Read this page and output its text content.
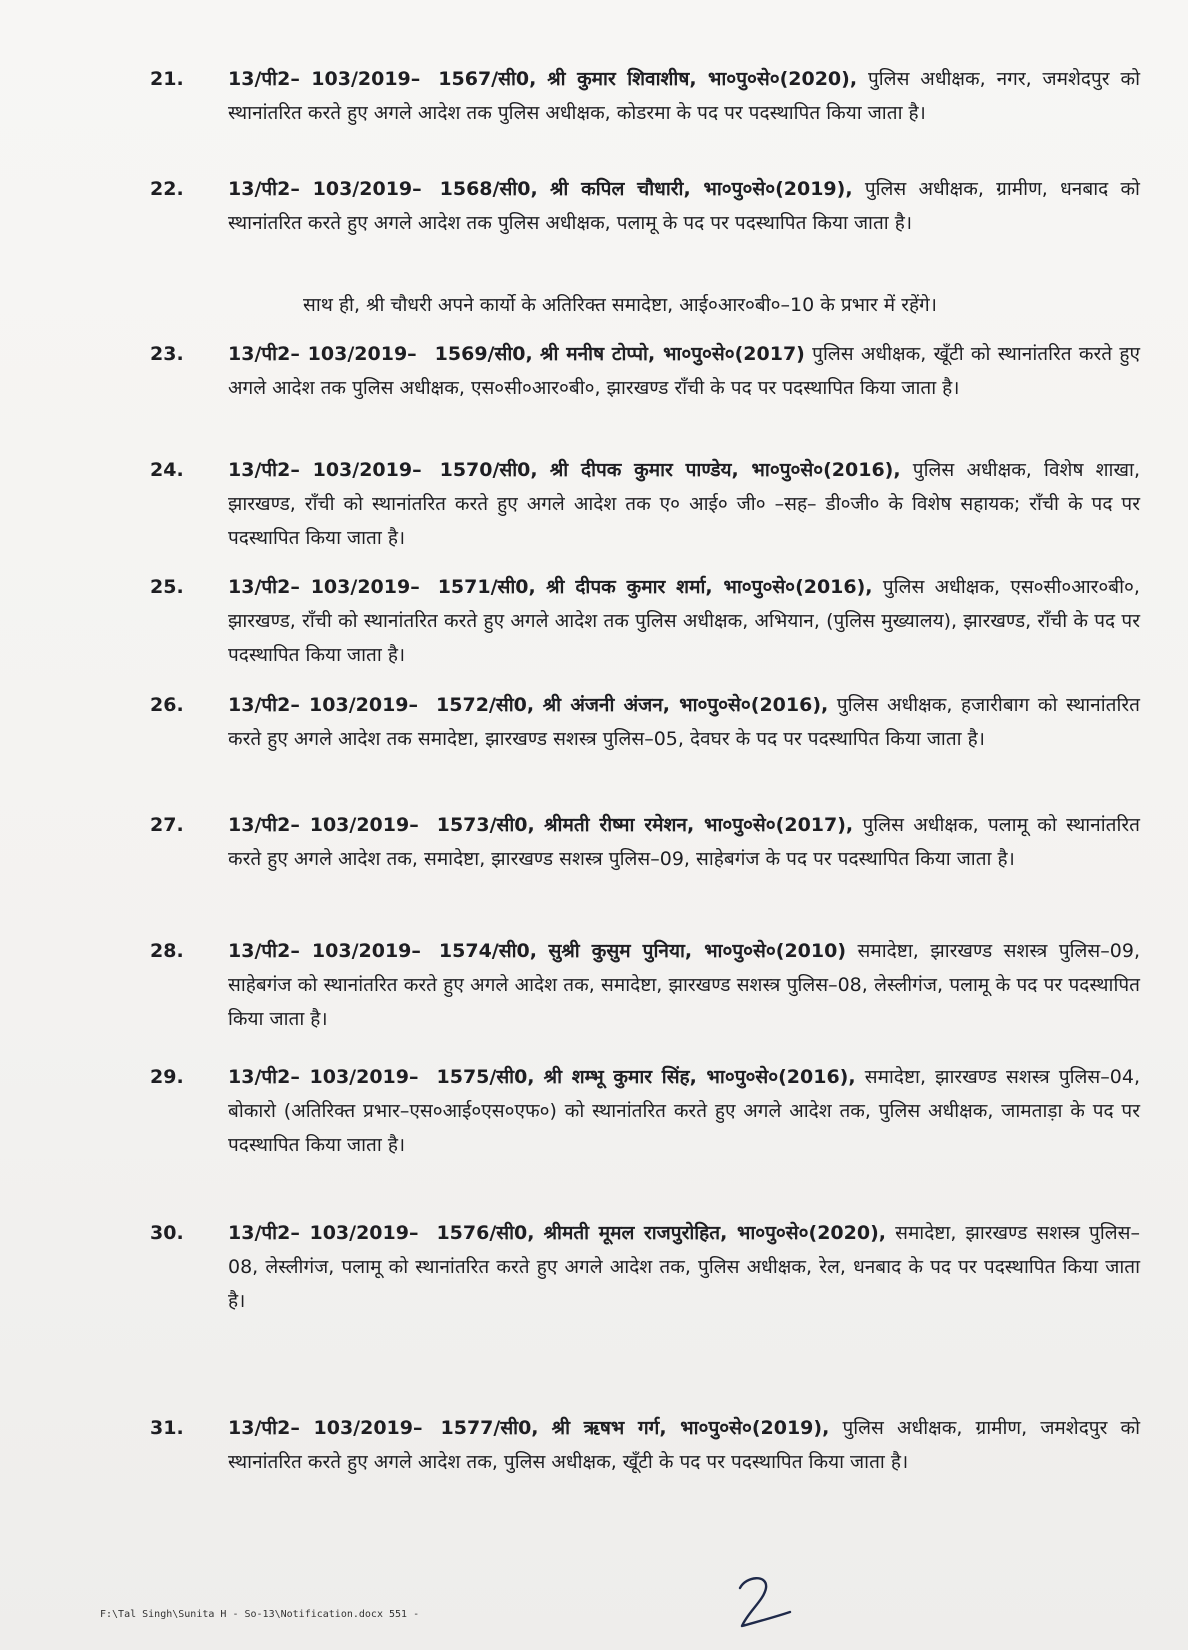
21.	13/पी2– 103/2019– 1567/सी0, श्री कुमार शिवाशीष, भा०पु०से०(2020), पुलिस अधीक्षक, नगर, जमशेदपुर को स्थानांतरित करते हुए अगले आदेश तक पुलिस अधीक्षक, कोडरमा के पद पर पदस्थापित किया जाता है।
22.	13/पी2– 103/2019– 1568/सी0, श्री कपिल चौधारी, भा०पु०से०(2019), पुलिस अधीक्षक, ग्रामीण, धनबाद को स्थानांतरित करते हुए अगले आदेश तक पुलिस अधीक्षक, पलामू के पद पर पदस्थापित किया जाता है।
साथ ही, श्री चौधरी अपने कार्यो के अतिरिक्त समादेष्टा, आई०आर०बी०–10 के प्रभार में रहेंगे।
23.	13/पी2– 103/2019– 1569/सी0, श्री मनीष टोप्पो, भा०पु०से०(2017) पुलिस अधीक्षक, खूँटी को स्थानांतरित करते हुए अगले आदेश तक पुलिस अधीक्षक, एस०सी०आर०बी०, झारखण्ड राँची के पद पर पदस्थापित किया जाता है।
24.	13/पी2– 103/2019– 1570/सी0, श्री दीपक कुमार पाण्डेय, भा०पु०से०(2016), पुलिस अधीक्षक, विशेष शाखा, झारखण्ड, राँची को स्थानांतरित करते हुए अगले आदेश तक ए० आई० जी० –सह– डी०जी० के विशेष सहायक; राँची के पद पर पदस्थापित किया जाता है।
25.	13/पी2– 103/2019– 1571/सी0, श्री दीपक कुमार शर्मा, भा०पु०से०(2016), पुलिस अधीक्षक, एस०सी०आर०बी०, झारखण्ड, राँची को स्थानांतरित करते हुए अगले आदेश तक पुलिस अधीक्षक, अभियान, (पुलिस मुख्यालय), झारखण्ड, राँची के पद पर पदस्थापित किया जाता है।
26.	13/पी2– 103/2019– 1572/सी0, श्री अंजनी अंजन, भा०पु०से०(2016), पुलिस अधीक्षक, हजारीबाग को स्थानांतरित करते हुए अगले आदेश तक समादेष्टा, झारखण्ड सशस्त्र पुलिस–05, देवघर के पद पर पदस्थापित किया जाता है।
27.	13/पी2– 103/2019– 1573/सी0, श्रीमती रीष्मा रमेशन, भा०पु०से०(2017), पुलिस अधीक्षक, पलामू को स्थानांतरित करते हुए अगले आदेश तक, समादेष्टा, झारखण्ड सशस्त्र पुलिस–09, साहेबगंज के पद पर पदस्थापित किया जाता है।
28.	13/पी2– 103/2019– 1574/सी0, सुश्री कुसुम पुनिया, भा०पु०से०(2010) समादेष्टा, झारखण्ड सशस्त्र पुलिस–09, साहेबगंज को स्थानांतरित करते हुए अगले आदेश तक, समादेष्टा, झारखण्ड सशस्त्र पुलिस–08, लेस्लीगंज, पलामू के पद पर पदस्थापित किया जाता है।
29.	13/पी2– 103/2019– 1575/सी0, श्री शम्भू कुमार सिंह, भा०पु०से०(2016), समादेष्टा, झारखण्ड सशस्त्र पुलिस–04, बोकारो (अतिरिक्त प्रभार–एस०आई०एस०एफ०) को स्थानांतरित करते हुए अगले आदेश तक, पुलिस अधीक्षक, जामताड़ा के पद पर पदस्थापित किया जाता है।
30.	13/पी2– 103/2019– 1576/सी0, श्रीमती मूमल राजपुरोहित, भा०पु०से०(2020), समादेष्टा, झारखण्ड सशस्त्र पुलिस–08, लेस्लीगंज, पलामू को स्थानांतरित करते हुए अगले आदेश तक, पुलिस अधीक्षक, रेल, धनबाद के पद पर पदस्थापित किया जाता है।
31.	13/पी2– 103/2019– 1577/सी0, श्री ऋषभ गर्ग, भा०पु०से०(2019), पुलिस अधीक्षक, ग्रामीण, जमशेदपुर को स्थानांतरित करते हुए अगले आदेश तक, पुलिस अधीक्षक, खूँटी के पद पर पदस्थापित किया जाता है।
F:\Tal Singh\Sunita H - So-13\Notification.docx 551 -
